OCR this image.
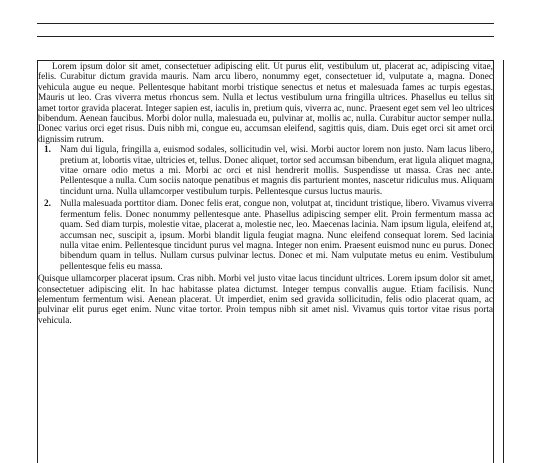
Lorem ipsum dolor sit amet, consectetuer adipiscing elit. Ut purus elit, vestibulum ut, placerat ac, adipiscing vitae, felis. Curabitur dictum gravida mauris. Nam arcu libero, nonummy eget, consectetuer id, vulputate a, magna. Donec vehicula augue eu neque. Pellentesque habitant morbi tristique senectus et netus et malesuada fames ac turpis egestas. Mauris ut leo. Cras viverra metus rhoncus sem. Nulla et lectus vestibulum urna fringilla ultrices. Phasellus eu tellus sit amet tortor gravida placerat. Integer sapien est, iaculis in, pretium quis, viverra ac, nunc. Praesent eget sem vel leo ultrices bibendum. Aenean faucibus. Morbi dolor nulla, malesuada eu, pulvinar at, mollis ac, nulla. Curabitur auctor semper nulla. Donec varius orci eget risus. Duis nibh mi, congue eu, accumsan eleifend, sagittis quis, diam. Duis eget orci sit amet orci dignissim rutrum.

1. Nam dui ligula, fringilla a, euismod sodales, sollicitudin vel, wisi. Morbi auctor lorem non justo. Nam lacus libero, pretium at, lobortis vitae, ultricies et, tellus. Donec aliquet, tortor sed accumsan bibendum, erat ligula aliquet magna, vitae ornare odio metus a mi. Morbi ac orci et nisl hendrerit mollis. Suspendisse ut massa. Cras nec ante. Pellentesque a nulla. Cum sociis natoque penatibus et magnis dis parturient montes, nascetur ridiculus mus. Aliquam tincidunt urna. Nulla ullamcorper vestibulum turpis. Pellentesque cursus luctus mauris.
2. Nulla malesuada porttitor diam. Donec felis erat, congue non, volutpat at, tincidunt tristique, libero. Vivamus viverra fermentum felis. Donec nonummy pellentesque ante. Phasellus adipiscing semper elit. Proin fermentum massa ac quam. Sed diam turpis, molestie vitae, placerat a, molestie nec, leo. Maecenas lacinia. Nam ipsum ligula, eleifend at, accumsan nec, suscipit a, ipsum. Morbi blandit ligula feugiat magna. Nunc eleifend consequat lorem. Sed lacinia nulla vitae enim. Pellentesque tincidunt purus vel magna. Integer non enim. Praesent euismod nunc eu purus. Donec bibendum quam in tellus. Nullam cursus pulvinar lectus. Donec et mi. Nam vulputate metus eu enim. Vestibulum pellentesque felis eu massa.

Quisque ullamcorper placerat ipsum. Cras nibh. Morbi vel justo vitae lacus tincidunt ultrices. Lorem ipsum dolor sit amet, consectetuer adipiscing elit. In hac habitasse platea dictumst. Integer tempus convallis augue. Etiam facilisis. Nunc elementum fermentum wisi. Aenean placerat. Ut imperdiet, enim sed gravida sollicitudin, felis odio placerat quam, ac pulvinar elit purus eget enim. Nunc vitae tortor. Proin tempus nibh sit amet nisl. Vivamus quis tortor vitae risus porta vehicula.
